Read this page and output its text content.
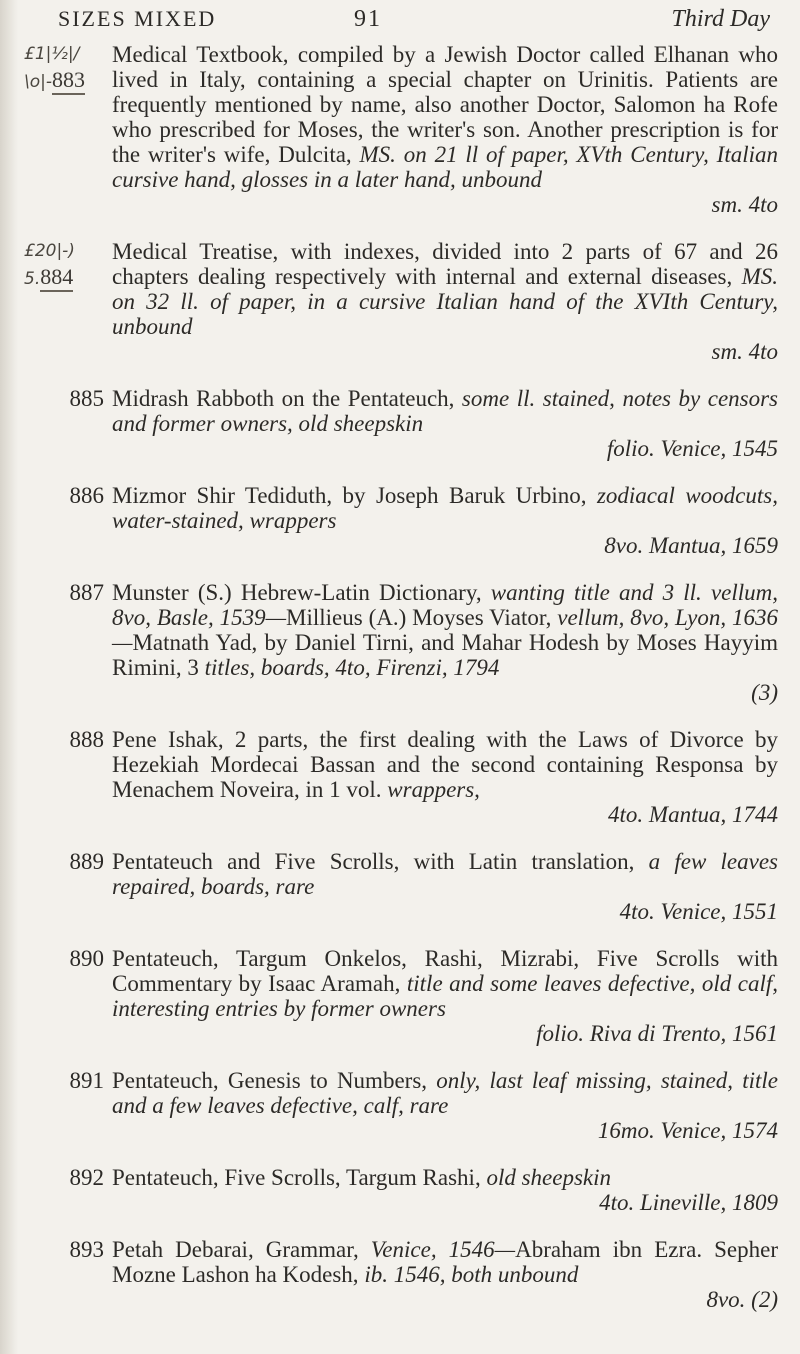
SIZES MIXED	91	Third Day
£1|½|/ \o|-883
Medical Textbook, compiled by a Jewish Doctor called Elhanan who lived in Italy, containing a special chapter on Urinitis. Patients are frequently mentioned by name, also another Doctor, Salomon ha Rofe who prescribed for Moses, the writer's son. Another prescription is for the writer's wife, Dulcita, MS. on 21 ll of paper, XVth Century, Italian cursive hand, glosses in a later hand, unbound
sm. 4to
£20|-) 5.884
Medical Treatise, with indexes, divided into 2 parts of 67 and 26 chapters dealing respectively with internal and external diseases, MS. on 32 ll. of paper, in a cursive Italian hand of the XVIth Century, unbound
sm. 4to
885 Midrash Rabboth on the Pentateuch, some ll. stained, notes by censors and former owners, old sheepskin
folio. Venice, 1545
886 Mizmor Shir Tediduth, by Joseph Baruk Urbino, zodiacal woodcuts, water-stained, wrappers
8vo. Mantua, 1659
887 Munster (S.) Hebrew-Latin Dictionary, wanting title and 3 ll. vellum, 8vo, Basle, 1539—Millieus (A.) Moyses Viator, vellum, 8vo, Lyon, 1636—Matnath Yad, by Daniel Tirni, and Mahar Hodesh by Moses Hayyim Rimini, 3 titles, boards, 4to, Firenzi, 1794
(3)
888 Pene Ishak, 2 parts, the first dealing with the Laws of Divorce by Hezekiah Mordecai Bassan and the second containing Responsa by Menachem Noveira, in 1 vol. wrappers,
4to. Mantua, 1744
889 Pentateuch and Five Scrolls, with Latin translation, a few leaves repaired, boards, rare
4to. Venice, 1551
890 Pentateuch, Targum Onkelos, Rashi, Mizrabi, Five Scrolls with Commentary by Isaac Aramah, title and some leaves defective, old calf, interesting entries by former owners
folio. Riva di Trento, 1561
891 Pentateuch, Genesis to Numbers, only, last leaf missing, stained, title and a few leaves defective, calf, rare
16mo. Venice, 1574
892 Pentateuch, Five Scrolls, Targum Rashi, old sheepskin
4to. Lineville, 1809
893 Petah Debarai, Grammar, Venice, 1546—Abraham ibn Ezra. Sepher Mozne Lashon ha Kodesh, ib. 1546, both unbound
8vo. (2)
